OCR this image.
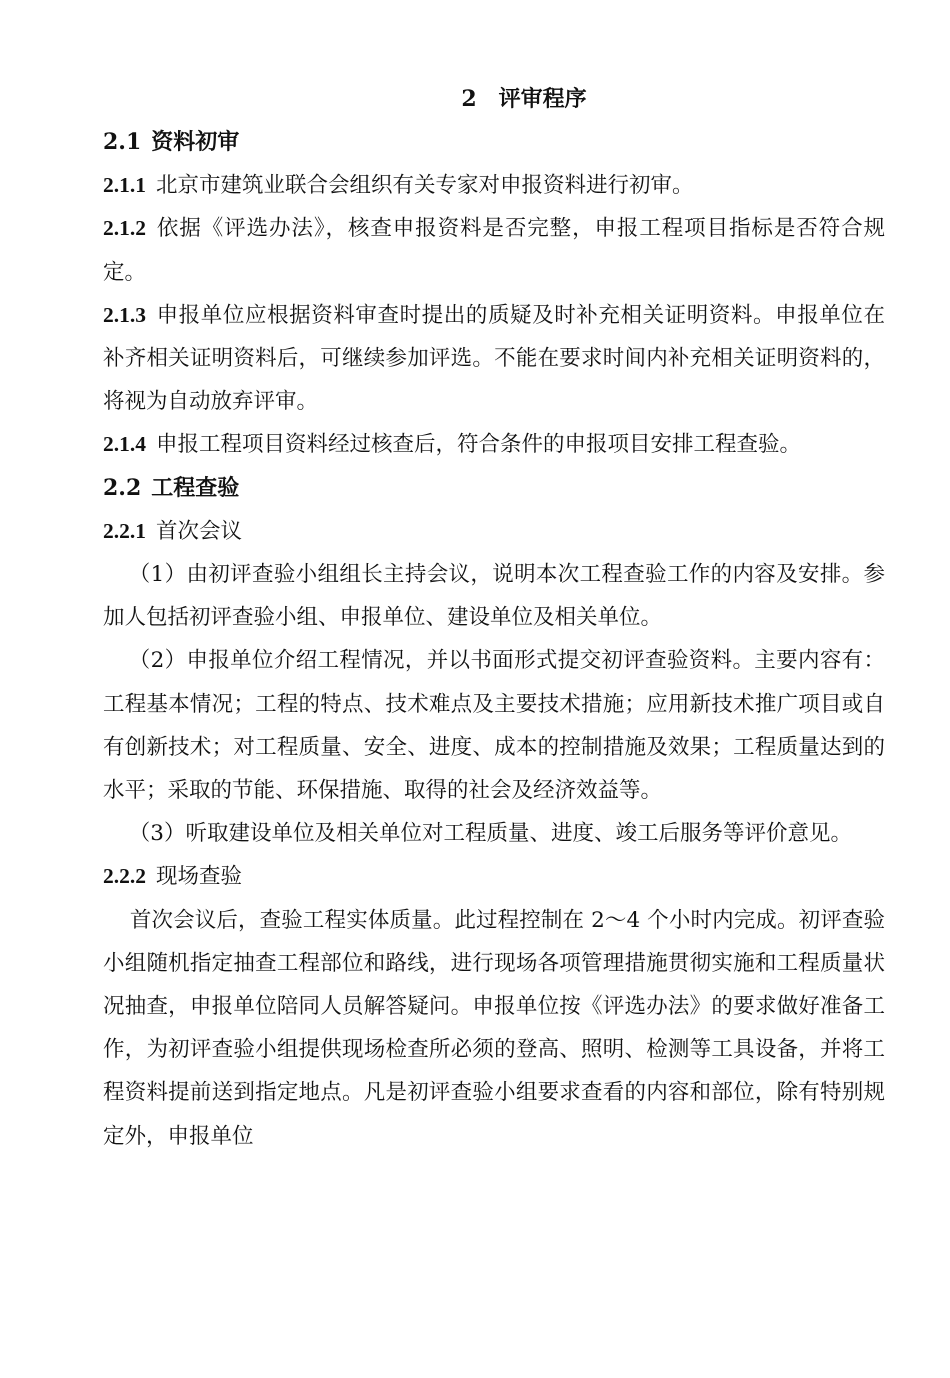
2 评审程序
2.1 资料初审

2.1.1 北京市建筑业联合会组织有关专家对申报资料进行初审。

2.1.2 依据《评选办法》，核查申报资料是否完整，申报工程项目指标是否符合规定。

2.1.3 申报单位应根据资料审查时提出的质疑及时补充相关证明资料。申报单位在补齐相关证明资料后，可继续参加评选。不能在要求时间内补充相关证明资料的，将视为自动放弃评审。

2.1.4 申报工程项目资料经过核查后，符合条件的申报项目安排工程查验。

2.2 工程查验

2.2.1 首次会议

（1）由初评查验小组组长主持会议，说明本次工程查验工作的内容及安排。参加人包括初评查验小组、申报单位、建设单位及相关单位。

（2）申报单位介绍工程情况，并以书面形式提交初评查验资料。主要内容有：工程基本情况；工程的特点、技术难点及主要技术措施；应用新技术推广项目或自有创新技术；对工程质量、安全、进度、成本的控制措施及效果；工程质量达到的水平；采取的节能、环保措施、取得的社会及经济效益等。

（3）听取建设单位及相关单位对工程质量、进度、竣工后服务等评价意见。

2.2.2 现场查验

首次会议后，查验工程实体质量。此过程控制在 2～4 个小时内完成。初评查验小组随机指定抽查工程部位和路线，进行现场各项管理措施贯彻实施和工程质量状况抽查，申报单位陪同人员解答疑问。申报单位按《评选办法》的要求做好准备工作，为初评查验小组提供现场检查所必须的登高、照明、检测等工具设备，并将工程资料提前送到指定地点。凡是初评查验小组要求查看的内容和部位，除有特别规定外，申报单位
